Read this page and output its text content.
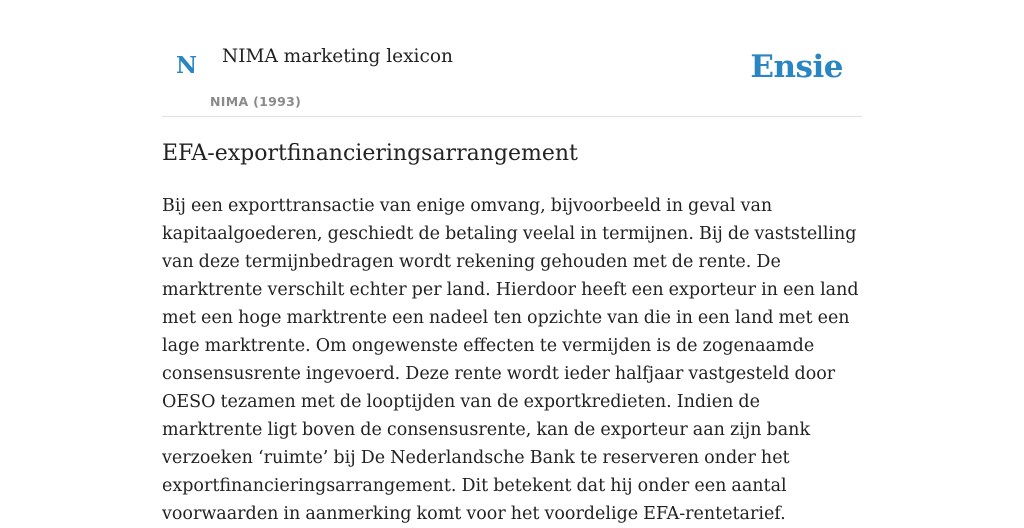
N NIMA marketing lexicon
NIMA (1993)
Ensie
EFA-exportfinancieringsarrangement

Bij een exporttransactie van enige omvang, bijvoorbeeld in geval van kapitaalgoederen, geschiedt de betaling veelal in termijnen. Bij de vaststelling van deze termijnbedragen wordt rekening gehouden met de rente. De marktrente verschilt echter per land. Hierdoor heeft een exporteur in een land met een hoge marktrente een nadeel ten opzichte van die in een land met een lage marktrente. Om ongewenste effecten te vermijden is de zogenaamde consensusrente ingevoerd. Deze rente wordt ieder halfjaar vastgesteld door OESO tezamen met de looptijden van de exportkredieten. Indien de marktrente ligt boven de consensusrente, kan de exporteur aan zijn bank verzoeken ‘ruimte’ bij De Nederlandsche Bank te reserveren onder het exportfinancieringsarrangement. Dit betekent dat hij onder een aantal voorwaarden in aanmerking komt voor het voordelige EFA-rentetarief.
